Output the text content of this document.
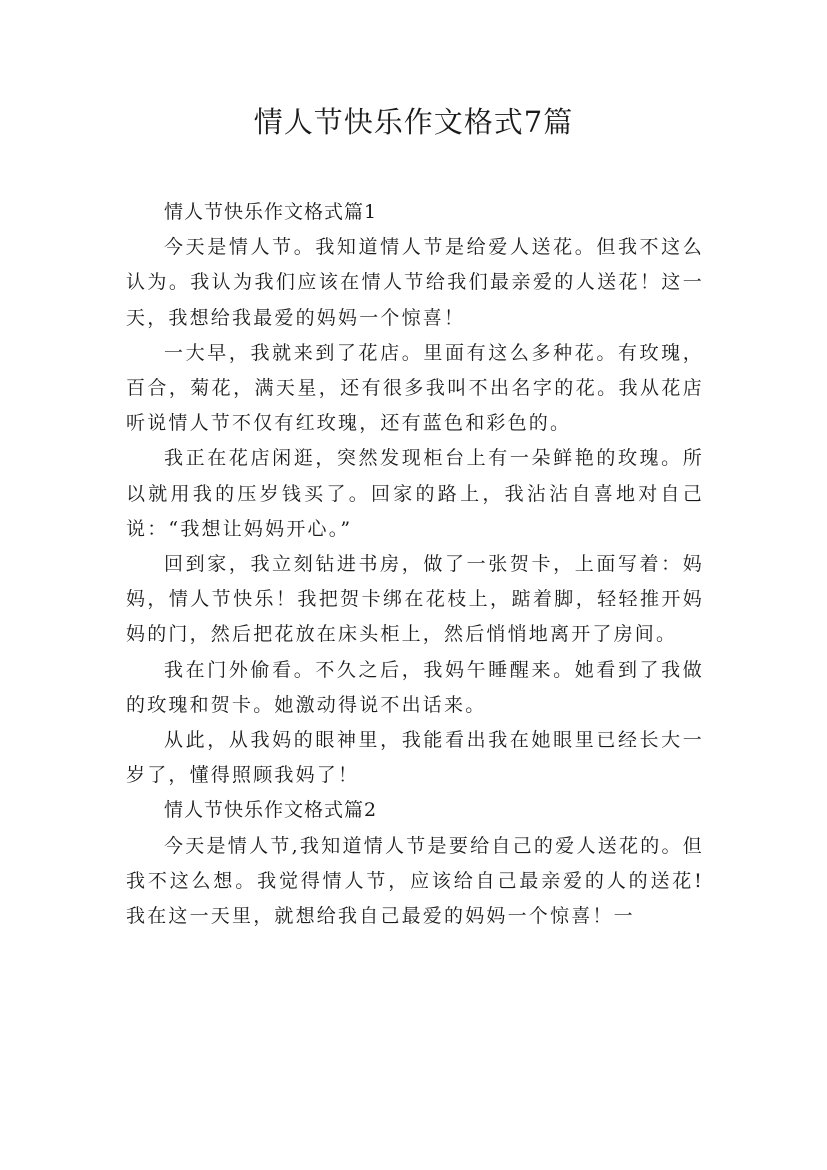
情人节快乐作文格式7篇

情人节快乐作文格式篇1

今天是情人节。我知道情人节是给爱人送花。但我不这么认为。我认为我们应该在情人节给我们最亲爱的人送花！这一天，我想给我最爱的妈妈一个惊喜！

一大早，我就来到了花店。里面有这么多种花。有玫瑰，百合，菊花，满天星，还有很多我叫不出名字的花。我从花店听说情人节不仅有红玫瑰，还有蓝色和彩色的。

我正在花店闲逛，突然发现柜台上有一朵鲜艳的玫瑰。所以就用我的压岁钱买了。回家的路上，我沾沾自喜地对自己说：“我想让妈妈开心。”

回到家，我立刻钻进书房，做了一张贺卡，上面写着：妈妈，情人节快乐！我把贺卡绑在花枝上，踮着脚，轻轻推开妈妈的门，然后把花放在床头柜上，然后悄悄地离开了房间。

我在门外偷看。不久之后，我妈午睡醒来。她看到了我做的玫瑰和贺卡。她激动得说不出话来。

从此，从我妈的眼神里，我能看出我在她眼里已经长大一岁了，懂得照顾我妈了！

情人节快乐作文格式篇2

今天是情人节,我知道情人节是要给自己的爱人送花的。但我不这么想。我觉得情人节，应该给自己最亲爱的人的送花!我在这一天里，就想给我自己最爱的妈妈一个惊喜！一
